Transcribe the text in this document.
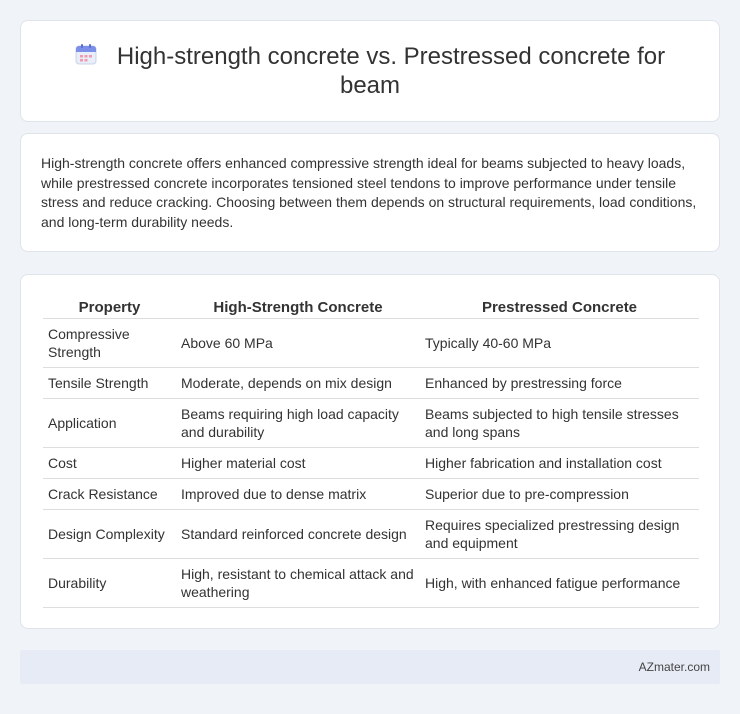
High-strength concrete vs. Prestressed concrete for beam

High-strength concrete offers enhanced compressive strength ideal for beams subjected to heavy loads, while prestressed concrete incorporates tensioned steel tendons to improve performance under tensile stress and reduce cracking. Choosing between them depends on structural requirements, load conditions, and long-term durability needs.

Property	High-Strength Concrete	Prestressed Concrete
Compressive Strength	Above 60 MPa	Typically 40-60 MPa
Tensile Strength	Moderate, depends on mix design	Enhanced by prestressing force
Application	Beams requiring high load capacity and durability	Beams subjected to high tensile stresses and long spans
Cost	Higher material cost	Higher fabrication and installation cost
Crack Resistance	Improved due to dense matrix	Superior due to pre-compression
Design Complexity	Standard reinforced concrete design	Requires specialized prestressing design and equipment
Durability	High, resistant to chemical attack and weathering	High, with enhanced fatigue performance
AZmater.com
